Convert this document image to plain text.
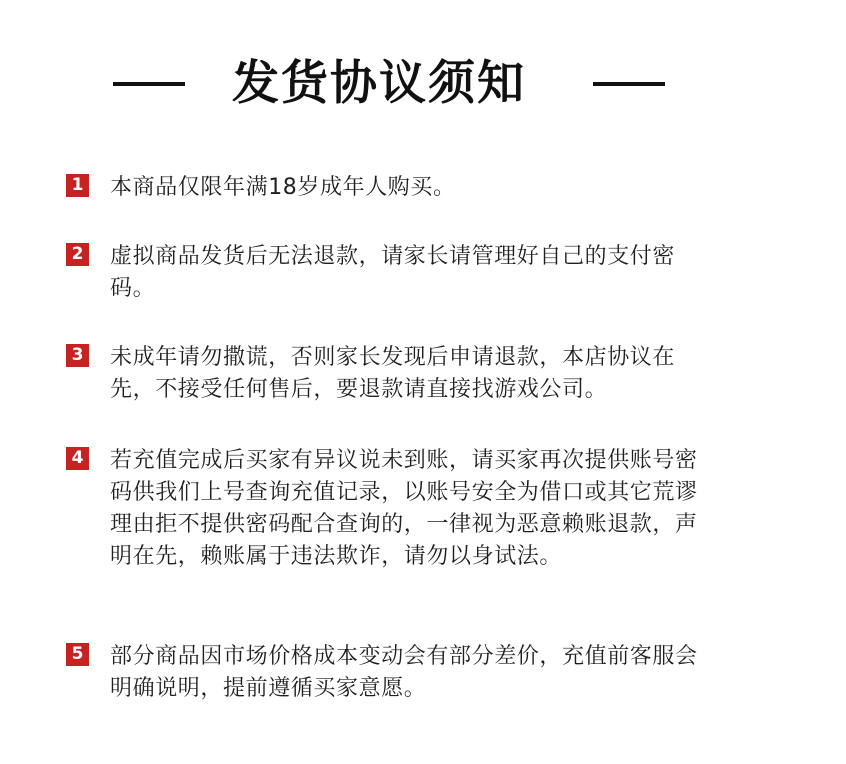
发货协议须知
1 本商品仅限年满18岁成年人购买。
2 虚拟商品发货后无法退款，请家长请管理好自己的支付密码。
3 未成年请勿撒谎，否则家长发现后申请退款，本店协议在先，不接受任何售后，要退款请直接找游戏公司。
4 若充值完成后买家有异议说未到账，请买家再次提供账号密码供我们上号查询充值记录，以账号安全为借口或其它荒谬理由拒不提供密码配合查询的，一律视为恶意赖账退款，声明在先，赖账属于违法欺诈，请勿以身试法。
5 部分商品因市场价格成本变动会有部分差价，充值前客服会明确说明，提前遵循买家意愿。
